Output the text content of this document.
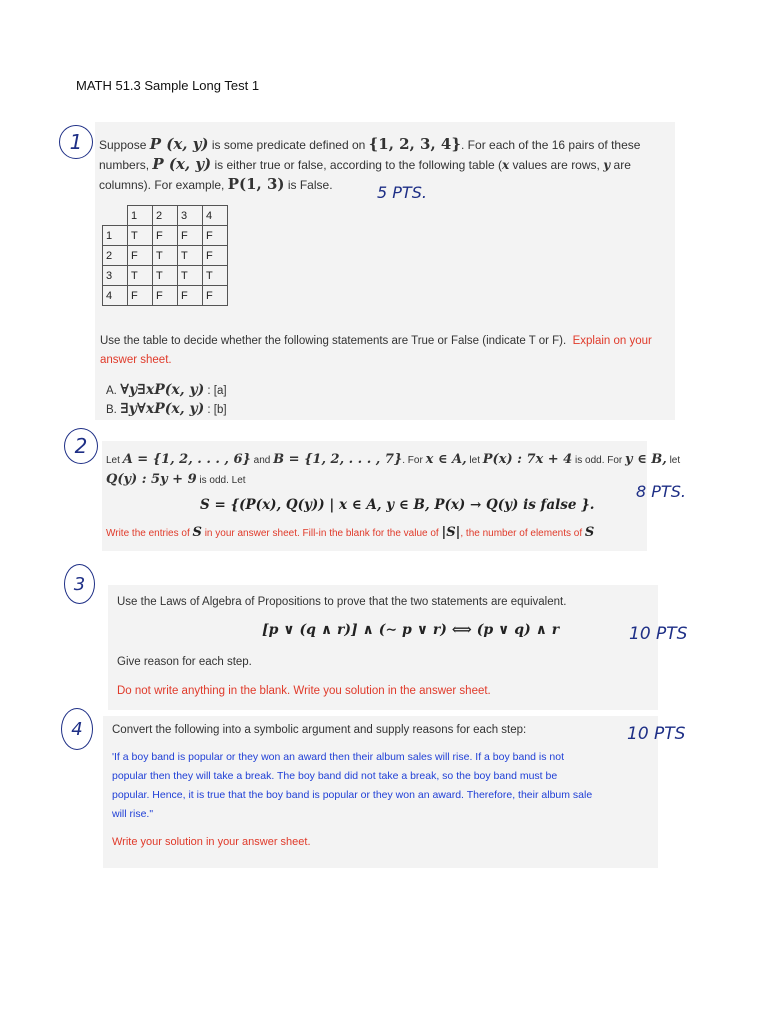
MATH 51.3 Sample Long Test 1
1 Suppose P (x, y) is some predicate defined on {1, 2, 3, 4}. For each of the 16 pairs of these
numbers, P (x, y) is either true or false, according to the following table (x values are rows, y are
columns). For example, P(1, 3) is False.	5 PTS.
	1	2	3	4
1	T	F	F	F
2	F	T	T	F
3	T	T	T	T
4	F	F	F	F
Use the table to decide whether the following statements are True or False (indicate T or F). Explain on your answer sheet.
A. ∀y∃xP(x, y) : [a]
B. ∃y∀xP(x, y) : [b]
2
Let A = {1, 2, . . . , 6} and B = {1, 2, . . . , 7}. For x ∈ A, let P(x) : 7x + 4 is odd. For y ∈ B, let
Q(y) : 5y + 9 is odd. Let
S = {(P(x), Q(y)) | x ∈ A, y ∈ B, P(x) → Q(y) is false }.
8 PTS.
Write the entries of S in your answer sheet. Fill-in the blank for the value of |S|, the number of elements of S
3
Use the Laws of Algebra of Propositions to prove that the two statements are equivalent.
[p ∨ (q ∧ r)] ∧ (∼ p ∨ r) ⟺ (p ∨ q) ∧ r	10 PTS
Give reason for each step.
Do not write anything in the blank. Write you solution in the answer sheet.
4	Convert the following into a symbolic argument and supply reasons for each step:	10 PTS
'If a boy band is popular or they won an award then their album sales will rise. If a boy band is not
popular then they will take a break. The boy band did not take a break, so the boy band must be
popular. Hence, it is true that the boy band is popular or they won an award. Therefore, their album sale
will rise."
Write your solution in your answer sheet.
